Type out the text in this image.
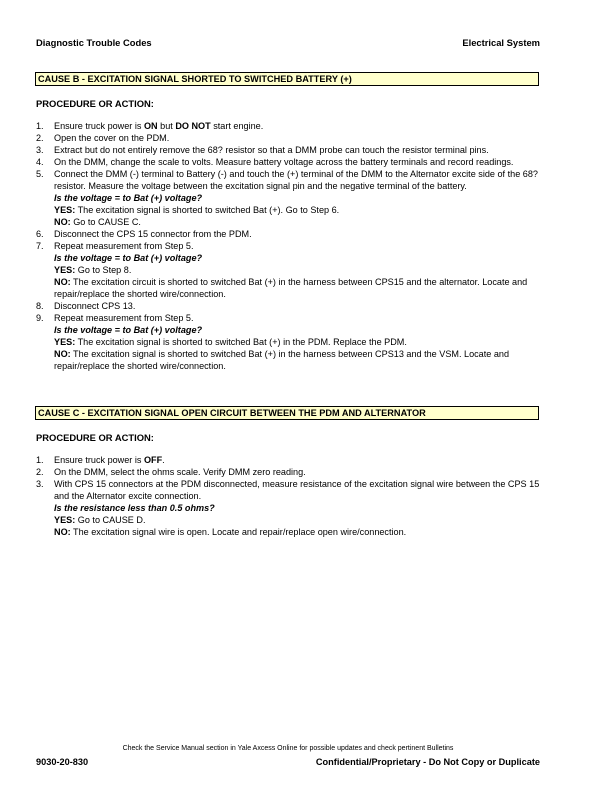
Diagnostic Trouble Codes	Electrical System
CAUSE B - EXCITATION SIGNAL SHORTED TO SWITCHED BATTERY (+)
PROCEDURE OR ACTION:
1. Ensure truck power is ON but DO NOT start engine.
2. Open the cover on the PDM.
3. Extract but do not entirely remove the 68? resistor so that a DMM probe can touch the resistor terminal pins.
4. On the DMM, change the scale to volts. Measure battery voltage across the battery terminals and record readings.
5. Connect the DMM (-) terminal to Battery (-) and touch the (+) terminal of the DMM to the Alternator excite side of the 68? resistor. Measure the voltage between the excitation signal pin and the negative terminal of the battery.
Is the voltage = to Bat (+) voltage?
YES: The excitation signal is shorted to switched Bat (+). Go to Step 6.
NO: Go to CAUSE C.
6. Disconnect the CPS 15 connector from the PDM.
7. Repeat measurement from Step 5.
Is the voltage = to Bat (+) voltage?
YES: Go to Step 8.
NO: The excitation circuit is shorted to switched Bat (+) in the harness between CPS15 and the alternator. Locate and repair/replace the shorted wire/connection.
8. Disconnect CPS 13.
9. Repeat measurement from Step 5.
Is the voltage = to Bat (+) voltage?
YES: The excitation signal is shorted to switched Bat (+) in the PDM. Replace the PDM.
NO: The excitation signal is shorted to switched Bat (+) in the harness between CPS13 and the VSM. Locate and repair/replace the shorted wire/connection.
CAUSE C - EXCITATION SIGNAL OPEN CIRCUIT BETWEEN THE PDM AND ALTERNATOR
PROCEDURE OR ACTION:
1. Ensure truck power is OFF.
2. On the DMM, select the ohms scale. Verify DMM zero reading.
3. With CPS 15 connectors at the PDM disconnected, measure resistance of the excitation signal wire between the CPS 15 and the Alternator excite connection.
Is the resistance less than 0.5 ohms?
YES: Go to CAUSE D.
NO: The excitation signal wire is open. Locate and repair/replace open wire/connection.
Check the Service Manual section in Yale Axcess Online for possible updates and check pertinent Bulletins
9030-20-830	Confidential/Proprietary - Do Not Copy or Duplicate
